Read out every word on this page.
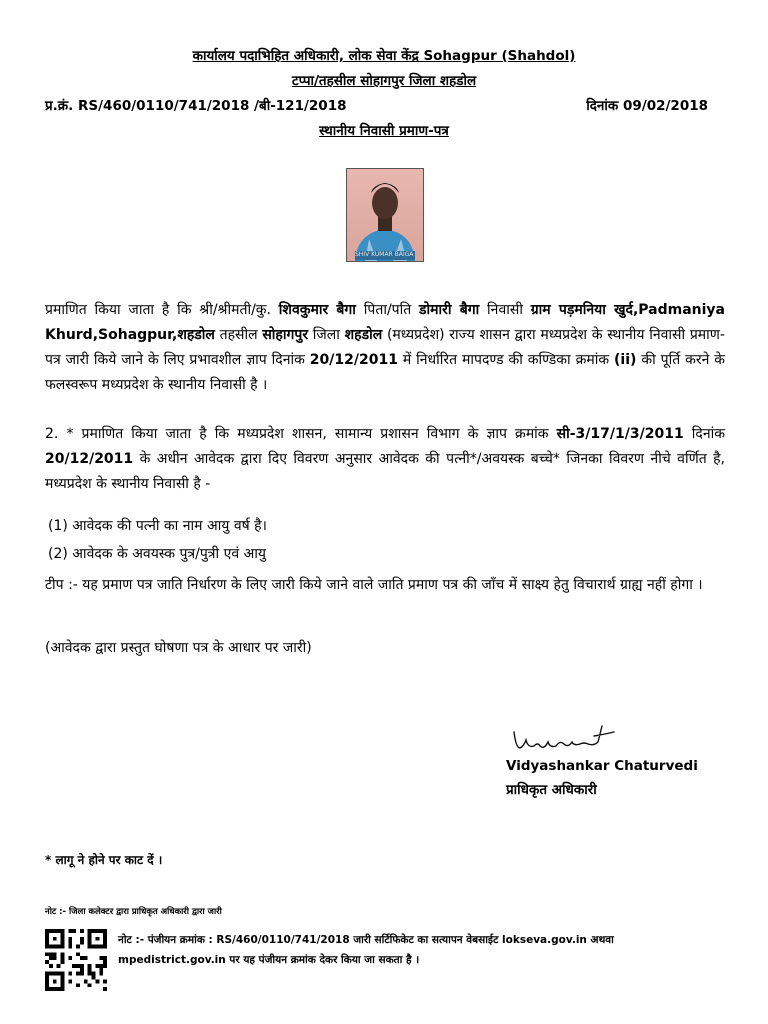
कार्यालय पदाभिहित अधिकारी, लोक सेवा केंद्र Sohagpur (Shahdol)
टप्पा/तहसील सोहागपुर जिला शहडोल
प्र.क्रं. RS/460/0110/741/2018 /बी-121/2018	दिनांक 09/02/2018
स्थानीय निवासी प्रमाण-पत्र
SHIV KUMAR BAIGA
प्रमाणित किया जाता है कि श्री/श्रीमती/कु. शिवकुमार बैगा पिता/पति डोमारी बैगा निवासी ग्राम पड़मनिया खुर्द,Padmaniya Khurd,Sohagpur,शहडोल तहसील सोहागपुर जिला शहडोल (मध्यप्रदेश) राज्य शासन द्वारा मध्यप्रदेश के स्थानीय निवासी प्रमाण-पत्र जारी किये जाने के लिए प्रभावशील ज्ञाप दिनांक 20/12/2011 में निर्धारित मापदण्ड की कण्डिका क्रमांक (ii) की पूर्ति करने के फलस्वरूप मध्यप्रदेश के स्थानीय निवासी है ।
2. * प्रमाणित किया जाता है कि मध्यप्रदेश शासन, सामान्य प्रशासन विभाग के ज्ञाप क्रमांक सी-3/17/1/3/2011 दिनांक 20/12/2011 के अधीन आवेदक द्वारा दिए विवरण अनुसार आवेदक की पत्नी*/अवयस्क बच्चे* जिनका विवरण नीचे वर्णित है, मध्यप्रदेश के स्थानीय निवासी है -
(1) आवेदक की पत्नी का नाम आयु वर्ष है।
(2) आवेदक के अवयस्क पुत्र/पुत्री एवं आयु
टीप :- यह प्रमाण पत्र जाति निर्धारण के लिए जारी किये जाने वाले जाति प्रमाण पत्र की जाँच में साक्ष्य हेतु विचारार्थ ग्राह्य नहीं होगा ।
(आवेदक द्वारा प्रस्तुत घोषणा पत्र के आधार पर जारी)
Vidyashankar Chaturvedi
प्राधिकृत अधिकारी
* लागू ने होने पर काट दें ।
नोट :- जिला कलेक्टर द्वारा प्राधिकृत अधिकारी द्वारा जारी
नोट :- पंजीयन क्रमांक : RS/460/0110/741/2018 जारी सर्टिफिकेट का सत्यापन वेबसाईट lokseva.gov.in अथवा mpedistrict.gov.in पर यह पंजीयन क्रमांक देकर किया जा सकता है ।
